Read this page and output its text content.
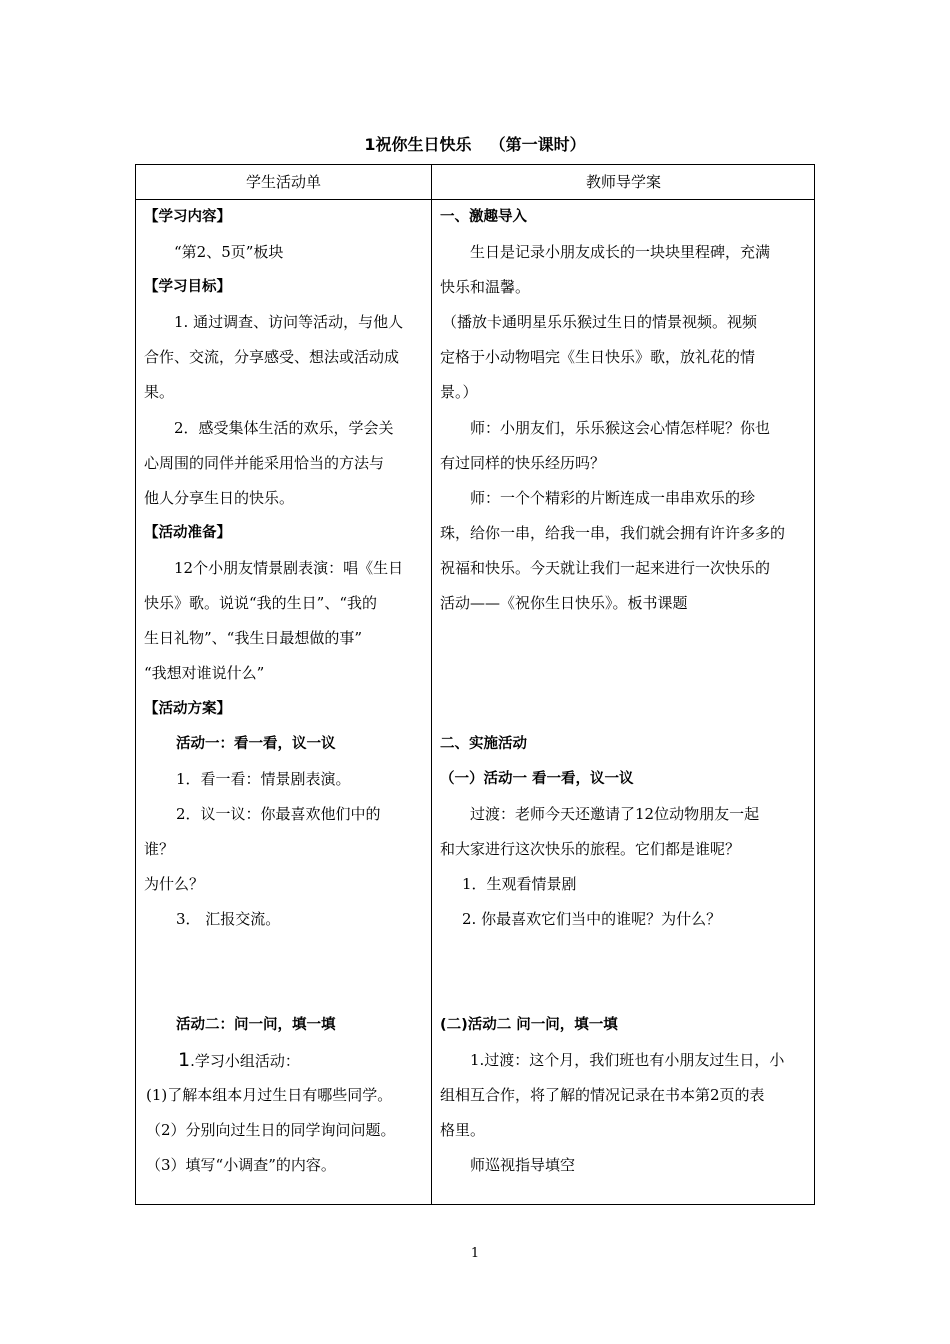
1祝你生日快乐 （第一课时）
学生活动单	教师导学案
【学习内容】
“第2、5页”板块
【学习目标】
1. 通过调查、访问等活动，与他人
合作、交流，分享感受、想法或活动成
果。
2．感受集体生活的欢乐，学会关
心周围的同伴并能采用恰当的方法与
他人分享生日的快乐。
【活动准备】
12个小朋友情景剧表演：唱《生日
快乐》歌。说说“我的生日”、“我的
生日礼物”、“我生日最想做的事”
“我想对谁说什么”
【活动方案】
活动一：看一看，议一议
1．看一看：情景剧表演。
2．议一议：你最喜欢他们中的
谁？
为什么？
3． 汇报交流。
活动二：问一问，填一填
1.学习小组活动：
(1)了解本组本月过生日有哪些同学。
（2）分别向过生日的同学询问问题。
（3）填写“小调查”的内容。
一、激趣导入
生日是记录小朋友成长的一块块里程碑，充满
快乐和温馨。
（播放卡通明星乐乐猴过生日的情景视频。视频
定格于小动物唱完《生日快乐》歌，放礼花的情
景。）
师：小朋友们，乐乐猴这会心情怎样呢？你也
有过同样的快乐经历吗？
师：一个个精彩的片断连成一串串欢乐的珍
珠，给你一串，给我一串，我们就会拥有许许多多的
祝福和快乐。今天就让我们一起来进行一次快乐的
活动——《祝你生日快乐》。板书课题
二、实施活动
（一）活动一 看一看，议一议
过渡：老师今天还邀请了12位动物朋友一起
和大家进行这次快乐的旅程。它们都是谁呢？
1．生观看情景剧
2. 你最喜欢它们当中的谁呢？为什么？
(二)活动二 问一问，填一填
1.过渡：这个月，我们班也有小朋友过生日，小
组相互合作，将了解的情况记录在书本第2页的表
格里。
师巡视指导填空
1
